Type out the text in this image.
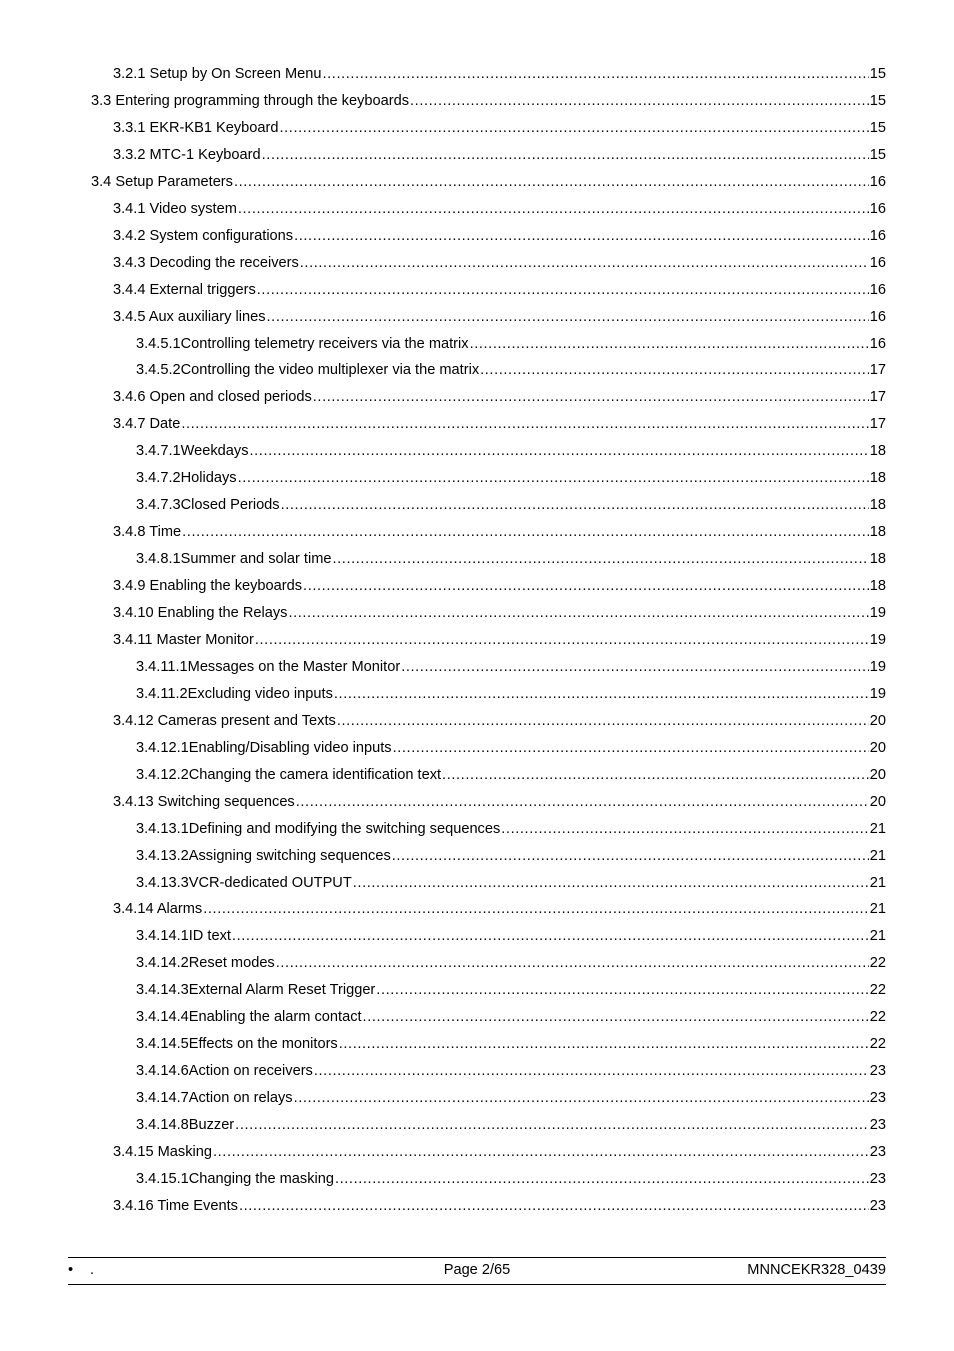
3.2.1 Setup by On Screen Menu .....	15
3.3 Entering programming through the keyboards .....	15
3.3.1 EKR-KB1 Keyboard .....	15
3.3.2 MTC-1 Keyboard .....	15
3.4 Setup Parameters .....	16
3.4.1 Video system .....	16
3.4.2 System configurations .....	16
3.4.3 Decoding the receivers .....	16
3.4.4 External triggers .....	16
3.4.5 Aux auxiliary lines .....	16
3.4.5.1Controlling telemetry receivers via the matrix .....	16
3.4.5.2Controlling the video multiplexer via the matrix .....	17
3.4.6 Open and closed periods .....	17
3.4.7 Date .....	17
3.4.7.1Weekdays .....	18
3.4.7.2Holidays .....	18
3.4.7.3Closed Periods .....	18
3.4.8 Time .....	18
3.4.8.1Summer and solar time .....	18
3.4.9 Enabling the keyboards .....	18
3.4.10 Enabling the Relays .....	19
3.4.11 Master Monitor .....	19
3.4.11.1Messages on the Master Monitor .....	19
3.4.11.2Excluding video inputs .....	19
3.4.12 Cameras present and Texts .....	20
3.4.12.1Enabling/Disabling video inputs .....	20
3.4.12.2Changing the camera identification text .....	20
3.4.13 Switching sequences .....	20
3.4.13.1Defining and modifying the switching sequences .....	21
3.4.13.2Assigning switching sequences .....	21
3.4.13.3VCR-dedicated OUTPUT .....	21
3.4.14 Alarms .....	21
3.4.14.1ID text .....	21
3.4.14.2Reset modes .....	22
3.4.14.3External Alarm Reset Trigger .....	22
3.4.14.4Enabling the alarm contact .....	22
3.4.14.5Effects on the monitors .....	22
3.4.14.6Action on receivers .....	23
3.4.14.7Action on relays .....	23
3.4.14.8Buzzer .....	23
3.4.15 Masking .....	23
3.4.15.1Changing the masking .....	23
3.4.16 Time Events .....	23
• .	Page 2/65	MNNCEKR328_0439
